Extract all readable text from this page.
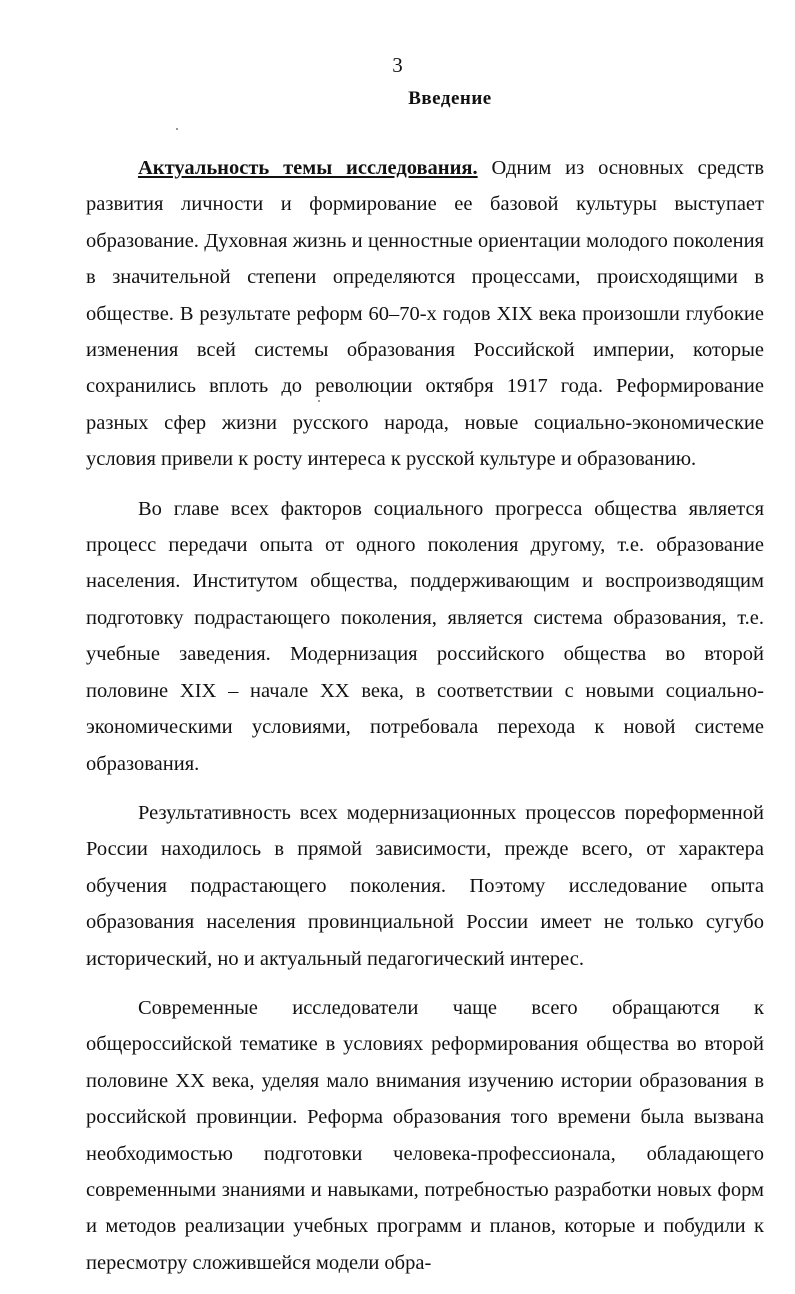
3
Введение

Актуальность темы исследования. Одним из основных средств развития личности и формирование ее базовой культуры выступает образование. Духовная жизнь и ценностные ориентации молодого поколения в значительной степени определяются процессами, происходящими в обществе. В результате реформ 60–70-х годов XIX века произошли глубокие изменения всей системы образования Российской империи, которые сохранились вплоть до революции октября 1917 года. Реформирование разных сфер жизни русского народа, новые социально-экономические условия привели к росту интереса к русской культуре и образованию.

Во главе всех факторов социального прогресса общества является процесс передачи опыта от одного поколения другому, т.е. образование населения. Институтом общества, поддерживающим и воспроизводящим подготовку подрастающего поколения, является система образования, т.е. учебные заведения. Модернизация российского общества во второй половине XIX – начале XX века, в соответствии с новыми социально-экономическими условиями, потребовала перехода к новой системе образования.

Результативность всех модернизационных процессов пореформенной России находилось в прямой зависимости, прежде всего, от характера обучения подрастающего поколения. Поэтому исследование опыта образования населения провинциальной России имеет не только сугубо исторический, но и актуальный педагогический интерес.

Современные исследователи чаще всего обращаются к общероссийской тематике в условиях реформирования общества во второй половине XX века, уделяя мало внимания изучению истории образования в российской провинции. Реформа образования того времени была вызвана необходимостью подготовки человека-профессионала, обладающего современными знаниями и навыками, потребностью разработки новых форм и методов реализации учебных программ и планов, которые и побудили к пересмотру сложившейся модели обра-
